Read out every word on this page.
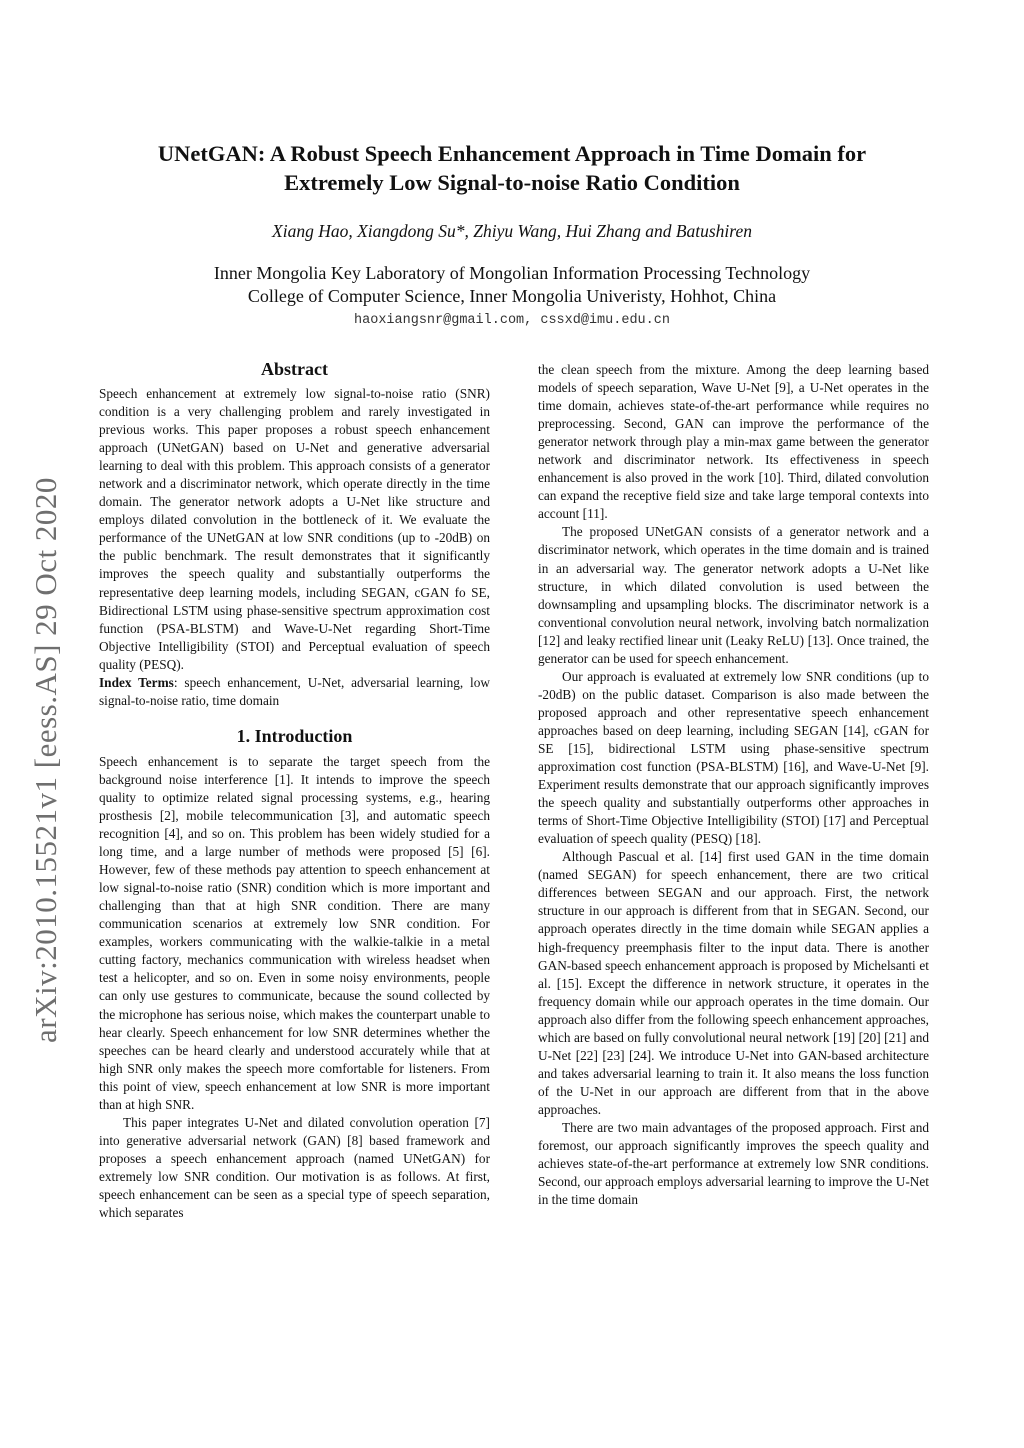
arXiv:2010.15521v1 [eess.AS] 29 Oct 2020
UNetGAN: A Robust Speech Enhancement Approach in Time Domain for
Extremely Low Signal-to-noise Ratio Condition
Xiang Hao, Xiangdong Su*, Zhiyu Wang, Hui Zhang and Batushiren
Inner Mongolia Key Laboratory of Mongolian Information Processing Technology
College of Computer Science, Inner Mongolia Univeristy, Hohhot, China
haoxiangsnr@gmail.com, cssxd@imu.edu.cn
Abstract

Speech enhancement at extremely low signal-to-noise ratio (SNR) condition is a very challenging problem and rarely investigated in previous works. This paper proposes a robust speech enhancement approach (UNetGAN) based on U-Net and generative adversarial learning to deal with this problem. This approach consists of a generator network and a discriminator network, which operate directly in the time domain. The generator network adopts a U-Net like structure and employs dilated convolution in the bottleneck of it. We evaluate the performance of the UNetGAN at low SNR conditions (up to -20dB) on the public benchmark. The result demonstrates that it significantly improves the speech quality and substantially outperforms the representative deep learning models, including SEGAN, cGAN fo SE, Bidirectional LSTM using phase-sensitive spectrum approximation cost function (PSA-BLSTM) and Wave-U-Net regarding Short-Time Objective Intelligibility (STOI) and Perceptual evaluation of speech quality (PESQ).

Index Terms: speech enhancement, U-Net, adversarial learning, low signal-to-noise ratio, time domain

1. Introduction

Speech enhancement is to separate the target speech from the background noise interference [1]. It intends to improve the speech quality to optimize related signal processing systems, e.g., hearing prosthesis [2], mobile telecommunication [3], and automatic speech recognition [4], and so on. This problem has been widely studied for a long time, and a large number of methods were proposed [5] [6]. However, few of these methods pay attention to speech enhancement at low signal-to-noise ratio (SNR) condition which is more important and challenging than that at high SNR condition. There are many communication scenarios at extremely low SNR condition. For examples, workers communicating with the walkie-talkie in a metal cutting factory, mechanics communication with wireless headset when test a helicopter, and so on. Even in some noisy environments, people can only use gestures to communicate, because the sound collected by the microphone has serious noise, which makes the counterpart unable to hear clearly. Speech enhancement for low SNR determines whether the speeches can be heard clearly and understood accurately while that at high SNR only makes the speech more comfortable for listeners. From this point of view, speech enhancement at low SNR is more important than at high SNR.

This paper integrates U-Net and dilated convolution operation [7] into generative adversarial network (GAN) [8] based framework and proposes a speech enhancement approach (named UNetGAN) for extremely low SNR condition. Our motivation is as follows. At first, speech enhancement can be seen as a special type of speech separation, which separates

the clean speech from the mixture. Among the deep learning based models of speech separation, Wave U-Net [9], a U-Net operates in the time domain, achieves state-of-the-art performance while requires no preprocessing. Second, GAN can improve the performance of the generator network through play a min-max game between the generator network and discriminator network. Its effectiveness in speech enhancement is also proved in the work [10]. Third, dilated convolution can expand the receptive field size and take large temporal contexts into account [11].

The proposed UNetGAN consists of a generator network and a discriminator network, which operates in the time domain and is trained in an adversarial way. The generator network adopts a U-Net like structure, in which dilated convolution is used between the downsampling and upsampling blocks. The discriminator network is a conventional convolution neural network, involving batch normalization [12] and leaky rectified linear unit (Leaky ReLU) [13]. Once trained, the generator can be used for speech enhancement.

Our approach is evaluated at extremely low SNR conditions (up to -20dB) on the public dataset. Comparison is also made between the proposed approach and other representative speech enhancement approaches based on deep learning, including SEGAN [14], cGAN for SE [15], bidirectional LSTM using phase-sensitive spectrum approximation cost function (PSA-BLSTM) [16], and Wave-U-Net [9]. Experiment results demonstrate that our approach significantly improves the speech quality and substantially outperforms other approaches in terms of Short-Time Objective Intelligibility (STOI) [17] and Perceptual evaluation of speech quality (PESQ) [18].

Although Pascual et al. [14] first used GAN in the time domain (named SEGAN) for speech enhancement, there are two critical differences between SEGAN and our approach. First, the network structure in our approach is different from that in SEGAN. Second, our approach operates directly in the time domain while SEGAN applies a high-frequency preemphasis filter to the input data. There is another GAN-based speech enhancement approach is proposed by Michelsanti et al. [15]. Except the difference in network structure, it operates in the frequency domain while our approach operates in the time domain. Our approach also differ from the following speech enhancement approaches, which are based on fully convolutional neural network [19] [20] [21] and U-Net [22] [23] [24]. We introduce U-Net into GAN-based architecture and takes adversarial learning to train it. It also means the loss function of the U-Net in our approach are different from that in the above approaches.

There are two main advantages of the proposed approach. First and foremost, our approach significantly improves the speech quality and achieves state-of-the-art performance at extremely low SNR conditions. Second, our approach employs adversarial learning to improve the U-Net in the time domain
